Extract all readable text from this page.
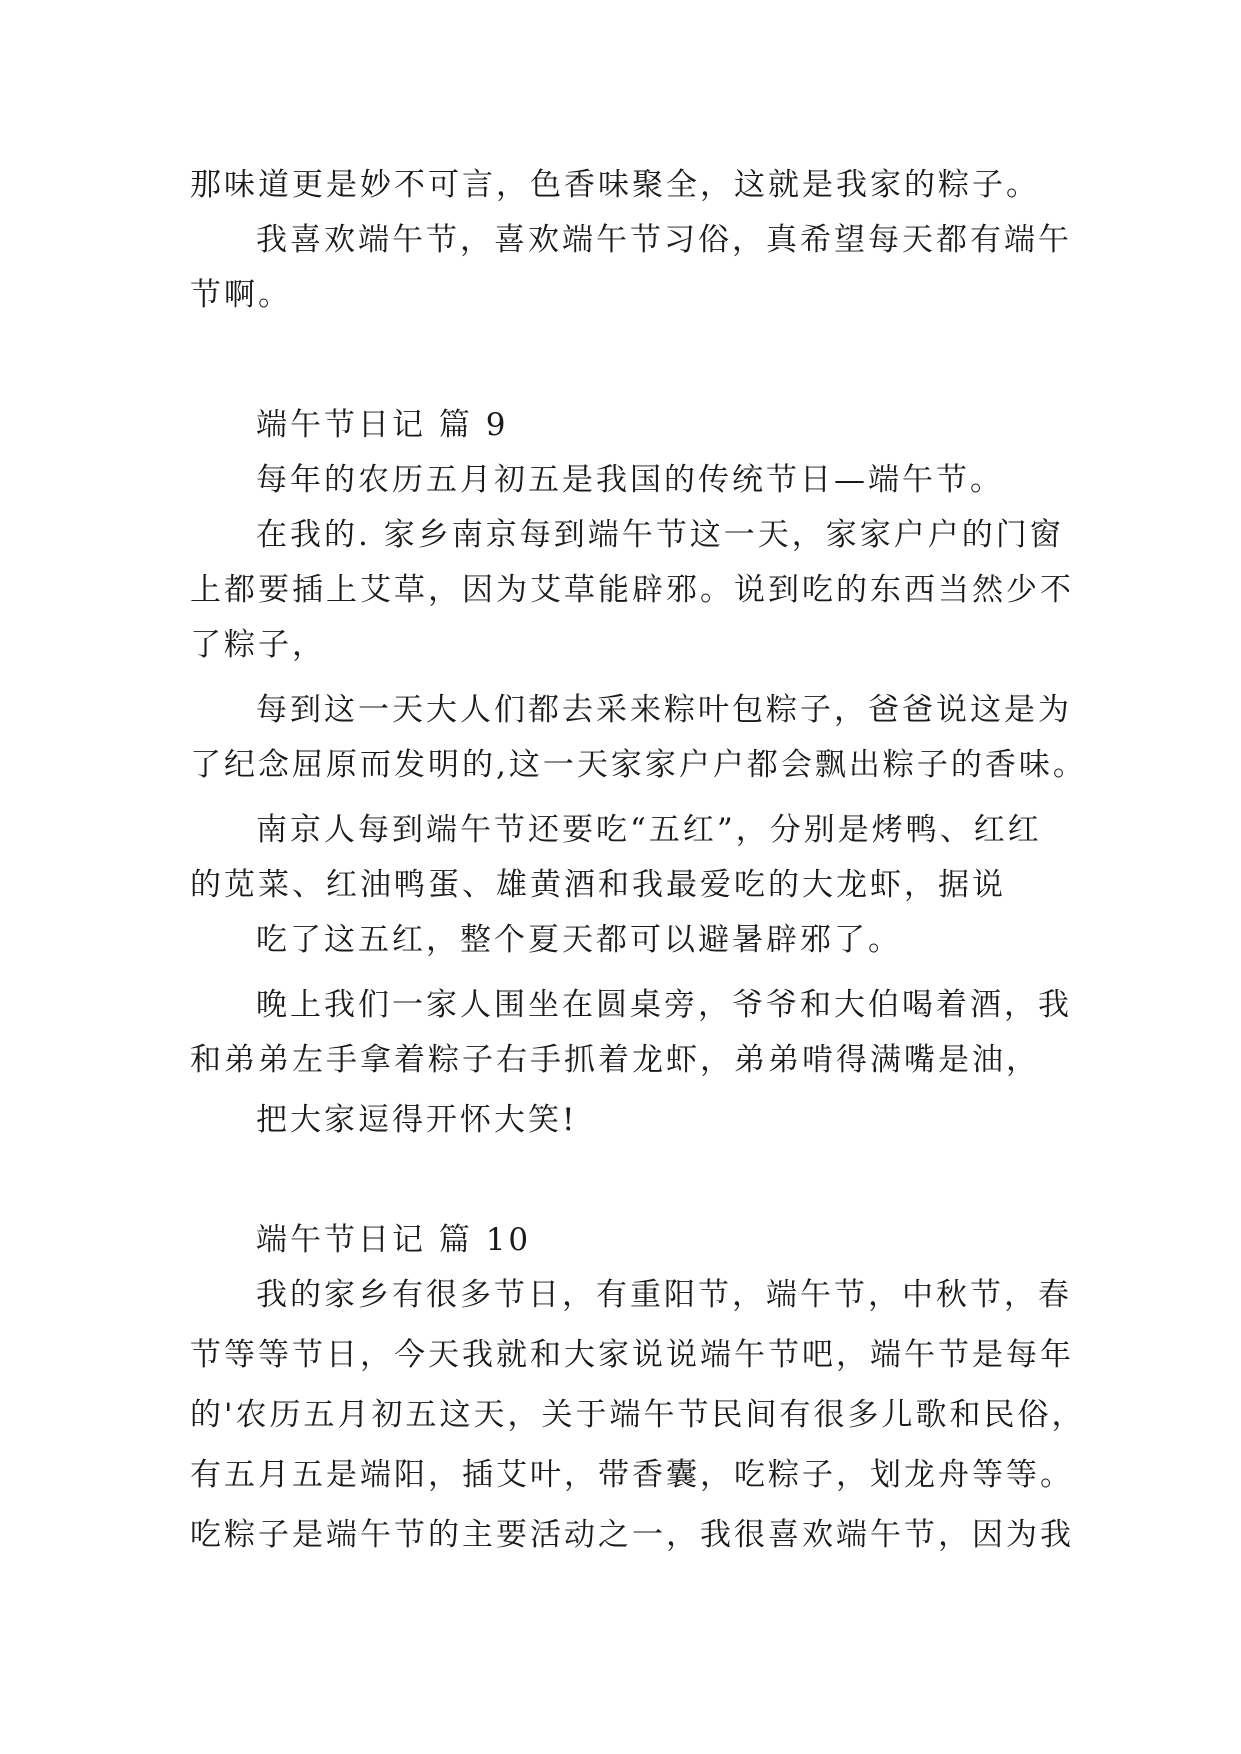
那味道更是妙不可言，色香味聚全，这就是我家的粽子。
我喜欢端午节，喜欢端午节习俗，真希望每天都有端午
节啊。
端午节日记 篇 9
每年的农历五月初五是我国的传统节日—端午节。
在我的. 家乡南京每到端午节这一天，家家户户的门窗
上都要插上艾草，因为艾草能辟邪。说到吃的东西当然少不
了粽子，
每到这一天大人们都去采来粽叶包粽子，爸爸说这是为
了纪念屈原而发明的,这一天家家户户都会飘出粽子的香味。
南京人每到端午节还要吃“五红”，分别是烤鸭、红红
的苋菜、红油鸭蛋、雄黄酒和我最爱吃的大龙虾，据说
吃了这五红，整个夏天都可以避暑辟邪了。
晚上我们一家人围坐在圆桌旁，爷爷和大伯喝着酒，我
和弟弟左手拿着粽子右手抓着龙虾，弟弟啃得满嘴是油，
把大家逗得开怀大笑!
端午节日记 篇 10
我的家乡有很多节日，有重阳节，端午节，中秋节，春
节等等节日，今天我就和大家说说端午节吧，端午节是每年
的'农历五月初五这天，关于端午节民间有很多儿歌和民俗，
有五月五是端阳，插艾叶，带香囊，吃粽子，划龙舟等等。
吃粽子是端午节的主要活动之一，我很喜欢端午节，因为我
